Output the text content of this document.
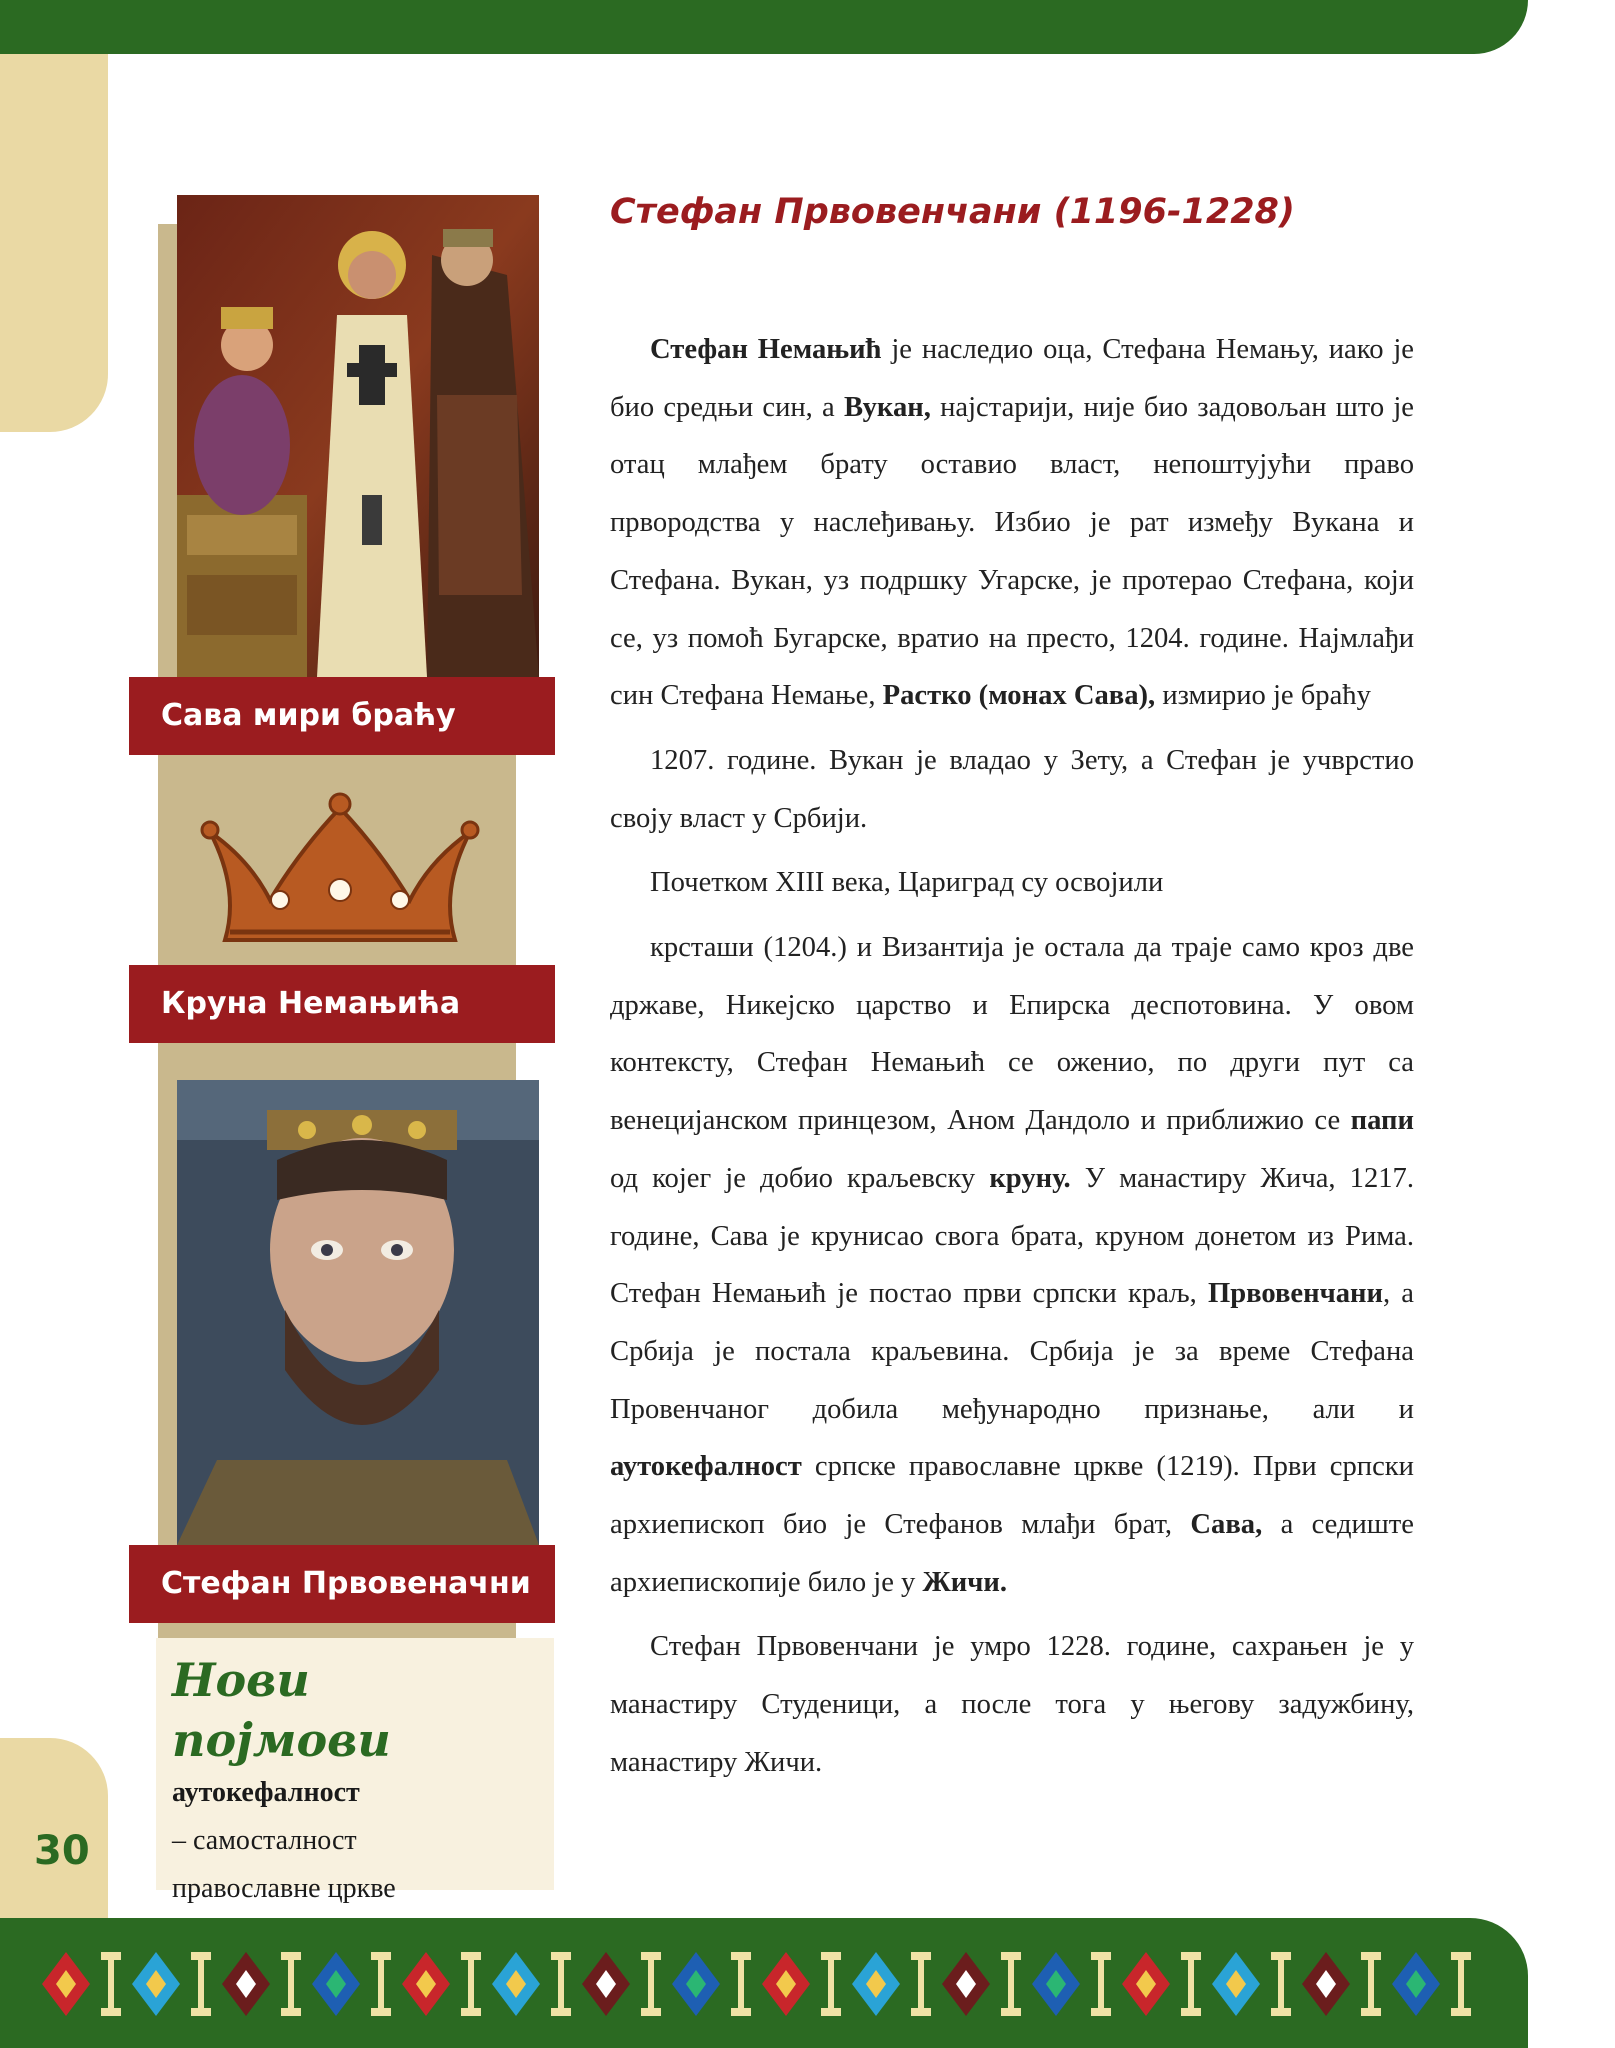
30
Сава мири браћу
Круна Немањића
Стефан Првовеначни
Нови појмови
аутокефалност
– самосталност
православне цркве
Стефан Првовенчани (1196-1228)

Стефан Немањић је наследио оца, Стефана Немању, иако је био средњи син, а Вукан, најстарији, није био задовољан што је отац млађем брату оставио власт, непоштујући право првородства у наслеђивању. Избио је рат између Вукана и Стефана. Вукан, уз подршку Угарске, је протерао Стефана, који се, уз помоћ Бугарске, вратио на престо, 1204. године. Најмлађи син Стефана Немање, Растко (монах Сава), измирио је браћу

1207. године. Вукан је владао у Зету, а Стефан је учврстио своју власт у Србији.

Почетком XIII века, Цариград су освојили

крсташи (1204.) и Византија је остала да траје само кроз две државе, Никејско царство и Епирска деспотовина. У овом контексту, Стефан Немањић се оженио, по други пут са венецијанском принцезом, Аном Дандоло и приближио се папи од којег је добио краљевску круну. У манастиру Жича, 1217. године, Сава је крунисао свога брата, круном донетом из Рима. Стефан Немањић је постао први српски краљ, Првовенчани, а Србија је постала краљевина. Србија је за време Стефана Провенчаног добила међународно признање, али и аутокефалност српске православне цркве (1219). Први српски архиепископ био је Стефанов млађи брат, Сава, а седиште архиепископије било је у Жичи.

Стефан Првовенчани је умро 1228. године, сахрањен је у манастиру Студеници, а после тога у његову задужбину, манастиру Жичи.
